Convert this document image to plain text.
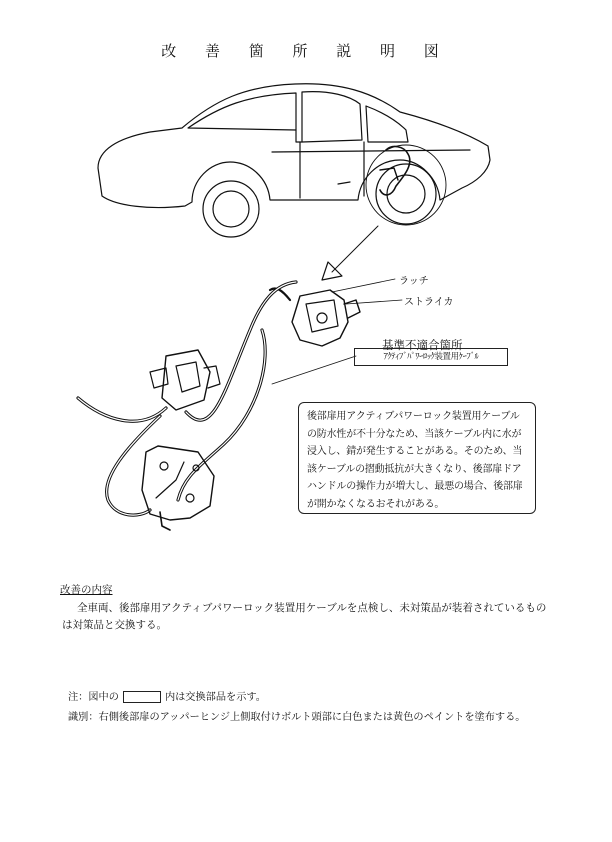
改 善 箇 所 説 明 図
ラッチ
ストライカ
基準不適合箇所
ｱｸﾃｨﾌﾞﾊﾟﾜｰﾛｯｸ装置用ｹｰﾌﾞﾙ
後部扉用アクティブパワーロック装置用ケーブルの防水性が不十分なため、当該ケーブル内に水が浸入し、錆が発生することがある。そのため、当該ケーブルの摺動抵抗が大きくなり、後部扉ドアハンドルの操作力が増大し、最悪の場合、後部扉が開かなくなるおそれがある。
改善の内容
全車両、後部扉用アクティブパワーロック装置用ケーブルを点検し、未対策品が装着されているものは対策品と交換する。
注：図中の	内は交換部品を示す。
識別：右側後部扉のアッパーヒンジ上側取付けボルト頭部に白色または黄色のペイントを塗布する。
